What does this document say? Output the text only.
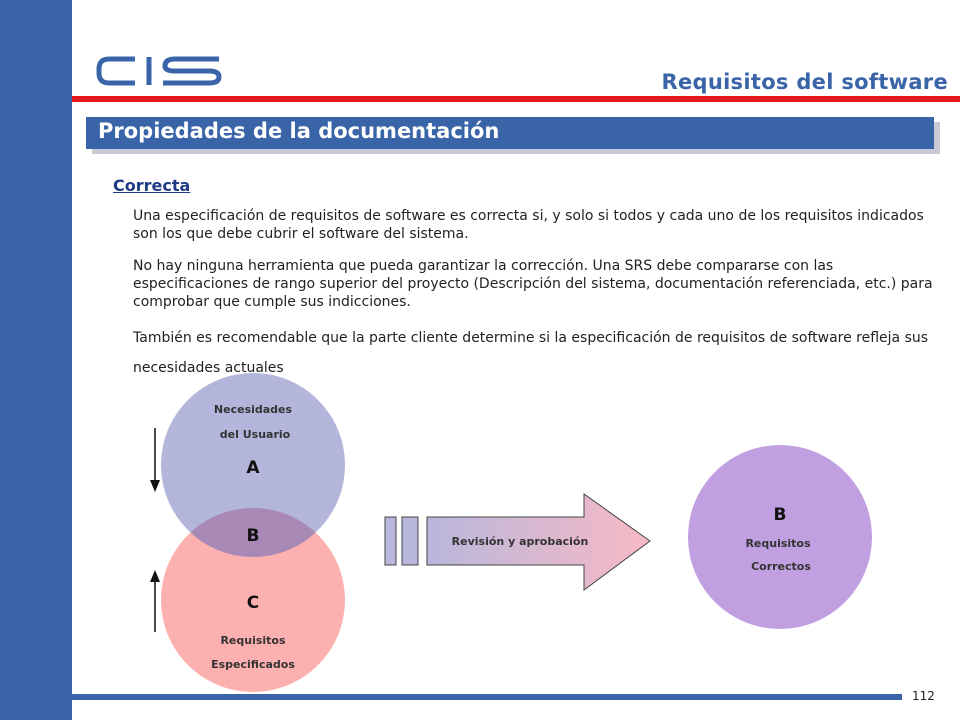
Requisitos del software
Propiedades de la documentación
Correcta
Una especificación de requisitos de software es correcta si, y solo si todos y cada uno de los requisitos indicados son los que debe cubrir el software del sistema.
No hay ninguna herramienta que pueda garantizar la corrección. Una SRS debe compararse con las especificaciones de rango superior del proyecto (Descripción del sistema, documentación referenciada, etc.) para comprobar que cumple sus indicciones.
También es recomendable que la parte cliente determine si la especificación de requisitos de software refleja sus necesidades actuales
Necesidades
del Usuario
A
B
C
Requisitos
Especificados
Revisión y aprobación
B
Requisitos
Correctos
112
